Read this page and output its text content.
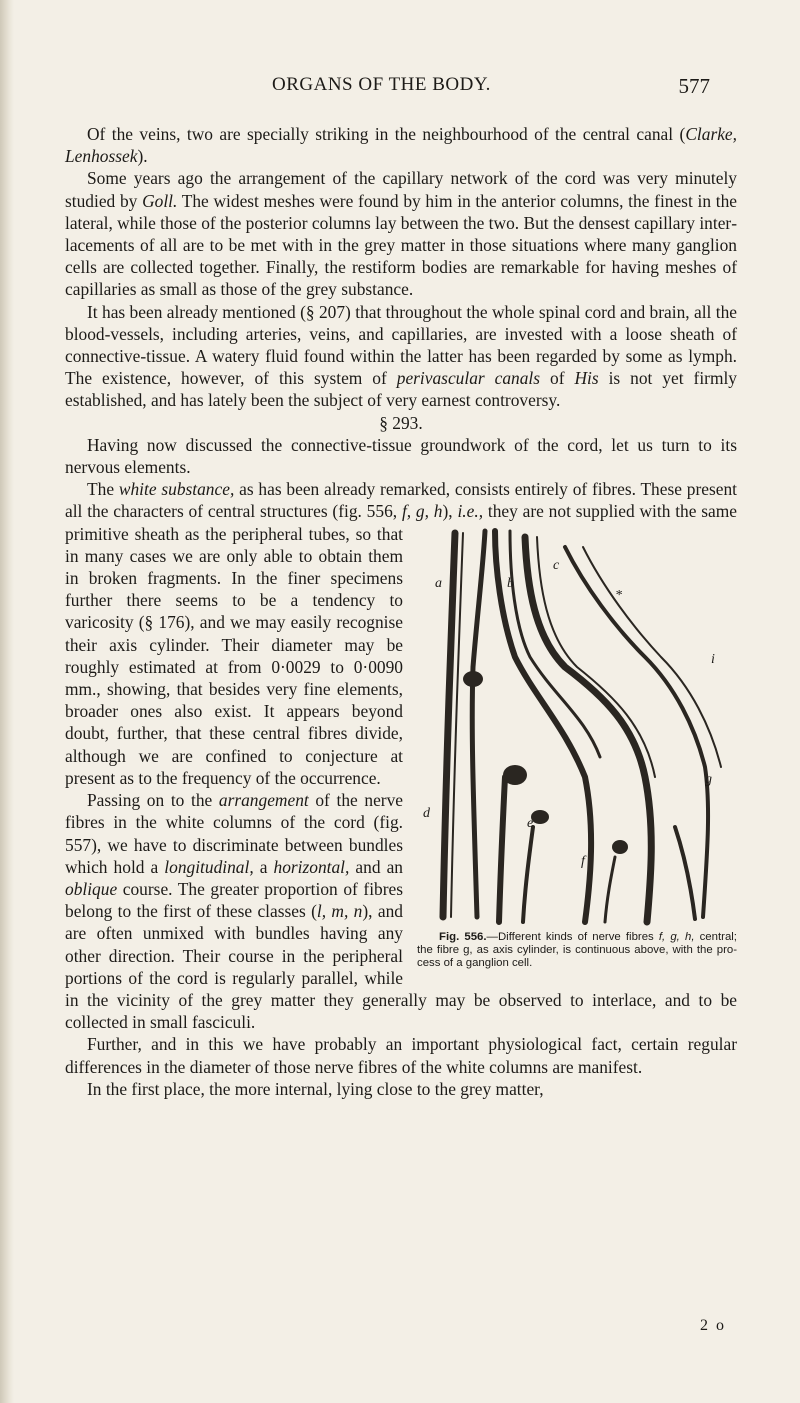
ORGANS OF THE BODY.	577

Of the veins, two are specially striking in the neighbourhood of the central canal (Clarke, Lenhossek).

Some years ago the arrangement of the capillary network of the cord was very minutely studied by Goll. The widest meshes were found by him in the anterior columns, the finest in the lateral, while those of the posterior columns lay between the two. But the densest capillary interlacements of all are to be met with in the grey matter in those situations where many ganglion cells are collected together. Finally, the restiform bodies are remarkable for having meshes of capillaries as small as those of the grey substance.

It has been already mentioned (§ 207) that throughout the whole spinal cord and brain, all the blood-vessels, including arteries, veins, and capillaries, are invested with a loose sheath of connective-tissue. A watery fluid found within the latter has been regarded by some as lymph. The existence, however, of this system of perivascular canals of His is not yet firmly established, and has lately been the subject of very earnest controversy.

§ 293.

Having now discussed the connective-tissue groundwork of the cord, let us turn to its nervous elements.

The white substance, as has been already remarked, consists entirely of fibres. These present all the characters of central structures (fig. 556, f, g, h), i.e.,
a	b
c
d
e
f
g
i
*
Fig. 556.—Different kinds of nerve fibres f, g, h, central; the fibre g, as axis cylinder, is continuous above, with the process of a ganglion cell.
they are not supplied with the same primitive sheath as the peripheral tubes, so that in many cases we are only able to obtain them in broken fragments. In the finer specimens further there seems to be a tendency to varicosity (§ 176), and we may easily recognise their axis cylinder. Their diameter may be roughly estimated at from 0·0029 to 0·0090 mm., showing, that besides very fine elements, broader ones also exist. It appears beyond doubt, further, that these central fibres divide, although we are confined to conjecture at present as to the frequency of the occurrence.

Passing on to the arrangement of the nerve fibres in the white columns of the cord (fig. 557), we have to discriminate between bundles which hold a longitudinal, a horizontal, and an oblique course. The greater proportion of fibres belong to the first of these classes (l, m, n), and are often unmixed with bundles having any other direction. Their course in the peripheral portions of the cord is regularly parallel, while in the vicinity of the grey matter they generally may be observed to interlace, and to be collected in small fasciculi.

Further, and in this we have probably an important physiological fact, certain regular differences in the diameter of those nerve fibres of the white columns are manifest.

In the first place, the more internal, lying close to the grey matter,

2 o
